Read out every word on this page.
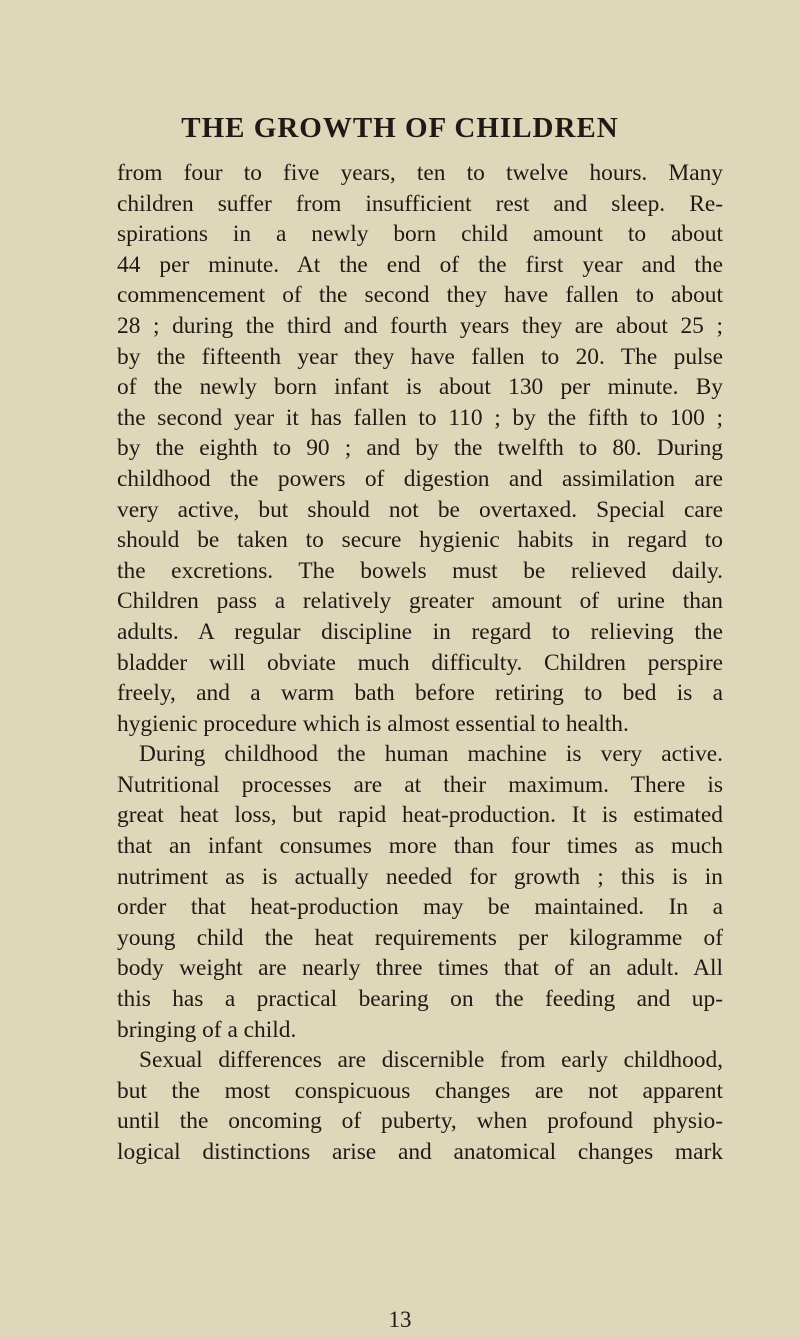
THE GROWTH OF CHILDREN

from four to five years, ten to twelve hours. Many

children suffer from insufficient rest and sleep. Re-

spirations in a newly born child amount to about

44 per minute. At the end of the first year and the

commencement of the second they have fallen to about

28 ; during the third and fourth years they are about 25 ;

by the fifteenth year they have fallen to 20. The pulse

of the newly born infant is about 130 per minute. By

the second year it has fallen to 110 ; by the fifth to 100 ;

by the eighth to 90 ; and by the twelfth to 80. During

childhood the powers of digestion and assimilation are

very active, but should not be overtaxed. Special care

should be taken to secure hygienic habits in regard to

the excretions. The bowels must be relieved daily.

Children pass a relatively greater amount of urine than

adults. A regular discipline in regard to relieving the

bladder will obviate much difficulty. Children perspire

freely, and a warm bath before retiring to bed is a

hygienic procedure which is almost essential to health.

During childhood the human machine is very active.

Nutritional processes are at their maximum. There is

great heat loss, but rapid heat-production. It is estimated

that an infant consumes more than four times as much

nutriment as is actually needed for growth ; this is in

order that heat-production may be maintained. In a

young child the heat requirements per kilogramme of

body weight are nearly three times that of an adult. All

this has a practical bearing on the feeding and up-

bringing of a child.

Sexual differences are discernible from early childhood,

but the most conspicuous changes are not apparent

until the oncoming of puberty, when profound physio-

logical distinctions arise and anatomical changes mark

13
